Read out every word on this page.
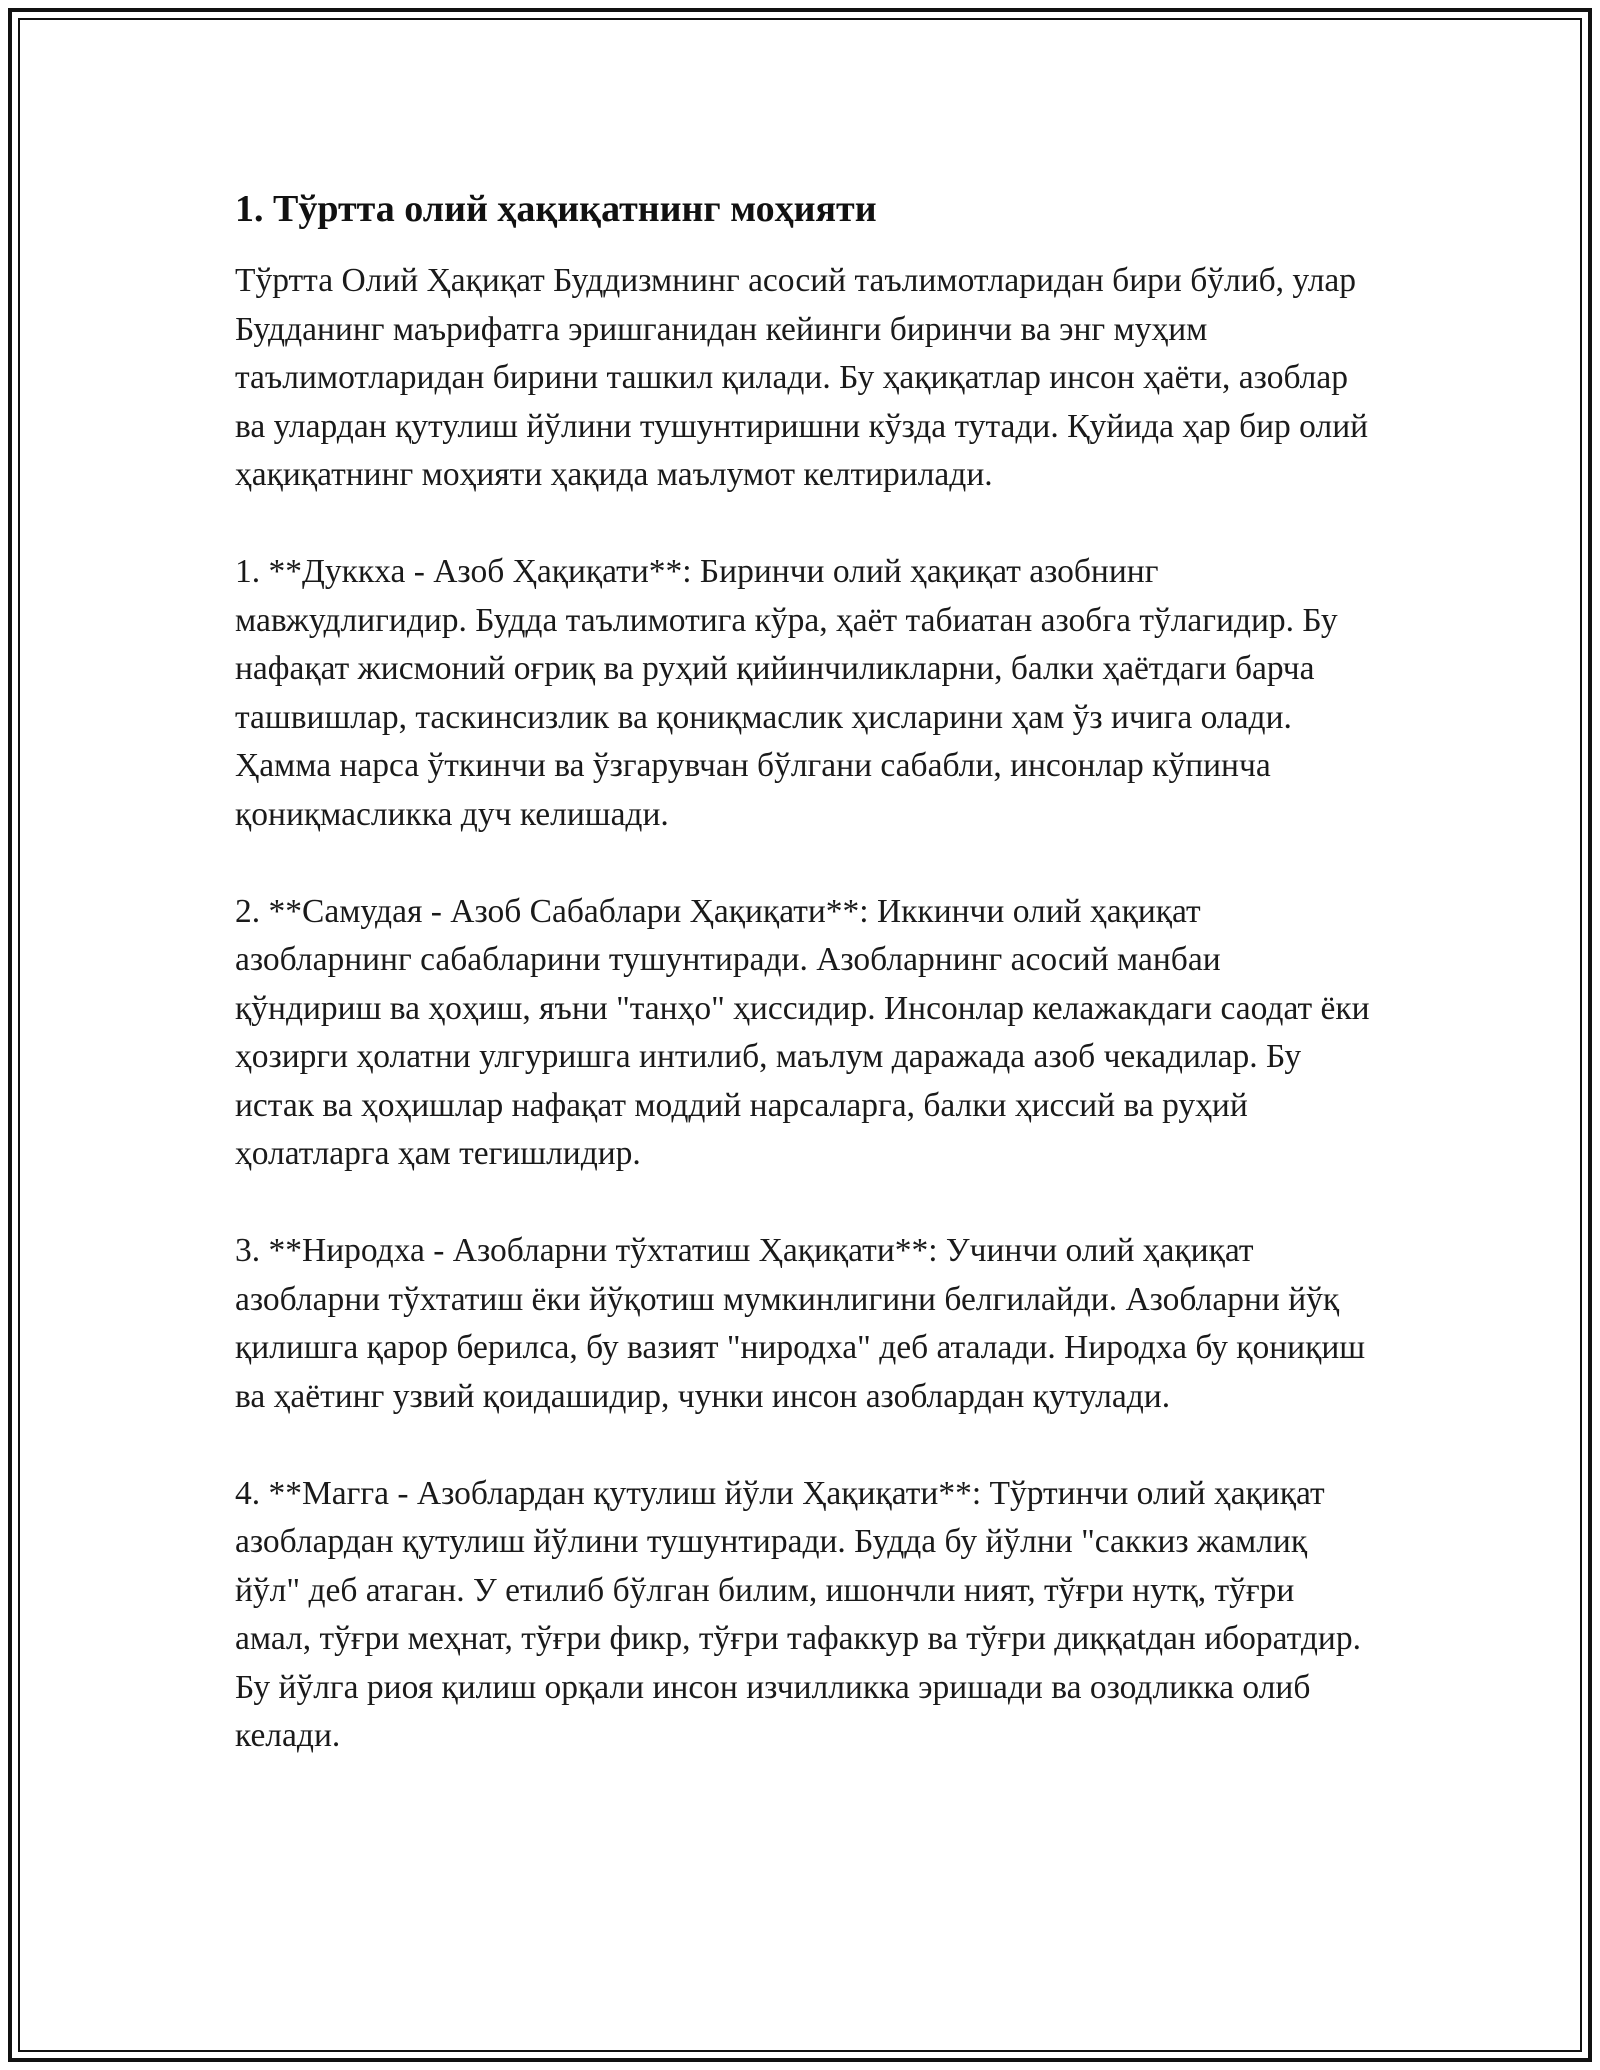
1. Тўртта олий ҳақиқатнинг моҳияти

Тўртта Олий Ҳақиқат Буддизмнинг асосий таълимотларидан бири бўлиб, улар Будданинг маърифатга эришганидан кейинги биринчи ва энг муҳим таълимотларидан бирини ташкил қилади. Бу ҳақиқатлар инсон ҳаёти, азоблар ва улардан қутулиш йўлини тушунтиришни кўзда тутади. Қуйида ҳар бир олий ҳақиқатнинг моҳияти ҳақида маълумот келтирилади.

1. **Дуккха - Азоб Ҳақиқати**: Биринчи олий ҳақиқат азобнинг мавжудлигидир. Будда таълимотига кўра, ҳаёт табиатан азобга тўлагидир. Бу нафақат жисмоний оғриқ ва руҳий қийинчиликларни, балки ҳаётдаги барча ташвишлар, таскинсизлик ва қониқмаслик ҳисларини ҳам ўз ичига олади. Ҳамма нарса ўткинчи ва ўзгарувчан бўлгани сабабли, инсонлар кўпинча қониқмасликка дуч келишади.

2. **Самудая - Азоб Сабаблари Ҳақиқати**: Иккинчи олий ҳақиқат азобларнинг сабабларини тушунтиради. Азобларнинг асосий манбаи қўндириш ва ҳоҳиш, яъни "танҳо" ҳиссидир. Инсонлар келажакдаги саодат ёки ҳозирги ҳолатни улгуришга интилиб, маълум даражада азоб чекадилар. Бу истак ва ҳоҳишлар нафақат моддий нарсаларга, балки ҳиссий ва руҳий ҳолатларга ҳам тегишлидир.

3. **Ниродха - Азобларни тўхтатиш Ҳақиқати**: Учинчи олий ҳақиқат азобларни тўхтатиш ёки йўқотиш мумкинлигини белгилайди. Азобларни йўқ қилишга қарор берилса, бу вазият "ниродха" деб аталади. Ниродха бу қониқиш ва ҳаётинг узвий қоидашидир, чунки инсон азоблардан қутулади.

4. **Магга - Азоблардан қутулиш йўли Ҳақиқати**: Тўртинчи олий ҳақиқат азоблардан қутулиш йўлини тушунтиради. Будда бу йўлни "саккиз жамлиқ йўл" деб атаган. У етилиб бўлган билим, ишончли ният, тўғри нутқ, тўғри амал, тўғри меҳнат, тўғри фикр, тўғри тафаккур ва тўғри диққatдан иборатдир. Бу йўлга риоя қилиш орқали инсон изчилликка эришади ва озодликка олиб келади.
